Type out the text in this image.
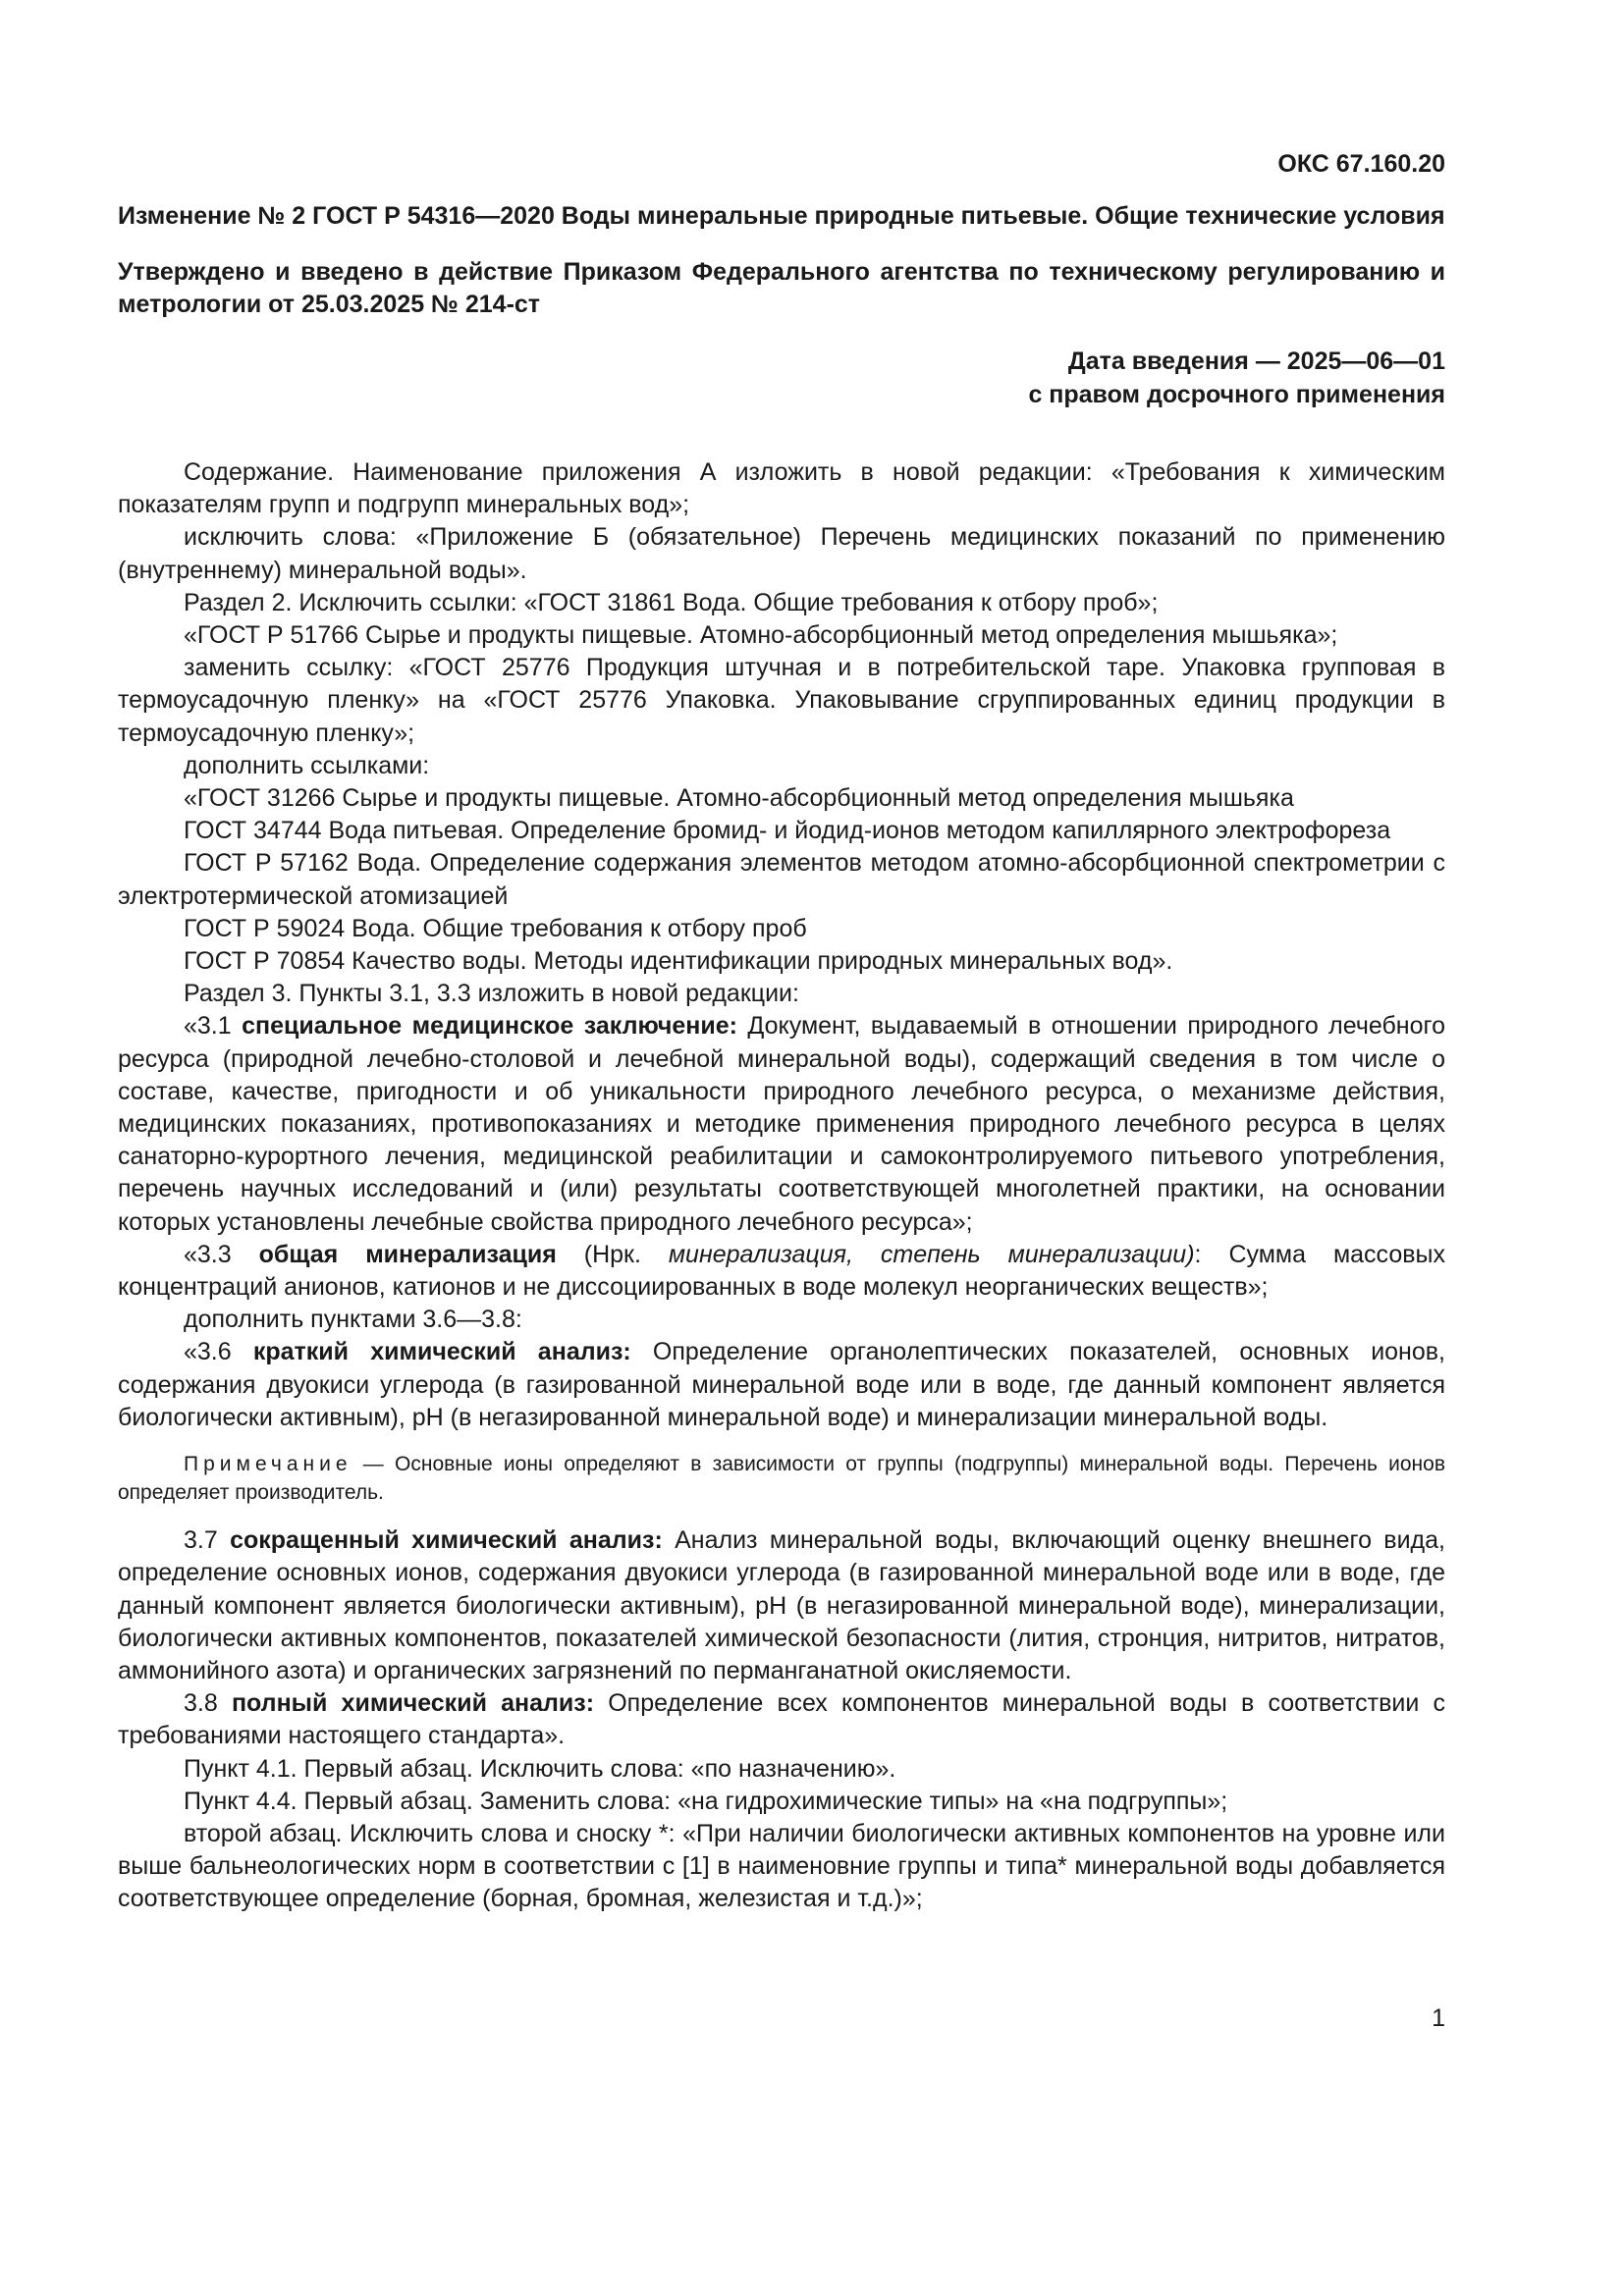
ОКС 67.160.20
Изменение № 2 ГОСТ Р 54316—2020 Воды минеральные природные питьевые. Общие технические условия
Утверждено и введено в действие Приказом Федерального агентства по техническому регулированию и метрологии от 25.03.2025 № 214-ст
Дата введения — 2025—06—01
с правом досрочного применения

Содержание. Наименование приложения А изложить в новой редакции: «Требования к химическим показателям групп и подгрупп минеральных вод»;

исключить слова: «Приложение Б (обязательное) Перечень медицинских показаний по применению (внутреннему) минеральной воды».

Раздел 2. Исключить ссылки: «ГОСТ 31861 Вода. Общие требования к отбору проб»;

«ГОСТ Р 51766 Сырье и продукты пищевые. Атомно-абсорбционный метод определения мышьяка»;

заменить ссылку: «ГОСТ 25776 Продукция штучная и в потребительской таре. Упаковка групповая в термоусадочную пленку» на «ГОСТ 25776 Упаковка. Упаковывание сгруппированных единиц продукции в термоусадочную пленку»;

дополнить ссылками:

«ГОСТ 31266 Сырье и продукты пищевые. Атомно-абсорбционный метод определения мышьяка

ГОСТ 34744 Вода питьевая. Определение бромид- и йодид-ионов методом капиллярного электрофореза

ГОСТ Р 57162 Вода. Определение содержания элементов методом атомно-абсорбционной спектрометрии с электротермической атомизацией

ГОСТ Р 59024 Вода. Общие требования к отбору проб

ГОСТ Р 70854 Качество воды. Методы идентификации природных минеральных вод».

Раздел 3. Пункты 3.1, 3.3 изложить в новой редакции:

«3.1 специальное медицинское заключение: Документ, выдаваемый в отношении природного лечебного ресурса (природной лечебно-столовой и лечебной минеральной воды), содержащий сведения в том числе о составе, качестве, пригодности и об уникальности природного лечебного ресурса, о механизме действия, медицинских показаниях, противопоказаниях и методике применения природного лечебного ресурса в целях санаторно-курортного лечения, медицинской реабилитации и самоконтролируемого питьевого употребления, перечень научных исследований и (или) результаты соответствующей многолетней практики, на основании которых установлены лечебные свойства природного лечебного ресурса»;

«3.3 общая минерализация (Нрк. минерализация, степень минерализации): Сумма массовых концентраций анионов, катионов и не диссоциированных в воде молекул неорганических веществ»;

дополнить пунктами 3.6—3.8:

«3.6 краткий химический анализ: Определение органолептических показателей, основных ионов, содержания двуокиси углерода (в газированной минеральной воде или в воде, где данный компонент является биологически активным), pH (в негазированной минеральной воде) и минерализации минеральной воды.

Примечание — Основные ионы определяют в зависимости от группы (подгруппы) минеральной воды. Перечень ионов определяет производитель.

3.7 сокращенный химический анализ: Анализ минеральной воды, включающий оценку внешнего вида, определение основных ионов, содержания двуокиси углерода (в газированной минеральной воде или в воде, где данный компонент является биологически активным), pH (в негазированной минеральной воде), минерализации, биологически активных компонентов, показателей химической безопасности (лития, стронция, нитритов, нитратов, аммонийного азота) и органических загрязнений по перманганатной окисляемости.

3.8 полный химический анализ: Определение всех компонентов минеральной воды в соответствии с требованиями настоящего стандарта».

Пункт 4.1. Первый абзац. Исключить слова: «по назначению».

Пункт 4.4. Первый абзац. Заменить слова: «на гидрохимические типы» на «на подгруппы»;

второй абзац. Исключить слова и сноску *: «При наличии биологически активных компонентов на уровне или выше бальнеологических норм в соответствии с [1] в наименовние группы и типа* минеральной воды добавляется соответствующее определение (борная, бромная, железистая и т.д.)»;

1
